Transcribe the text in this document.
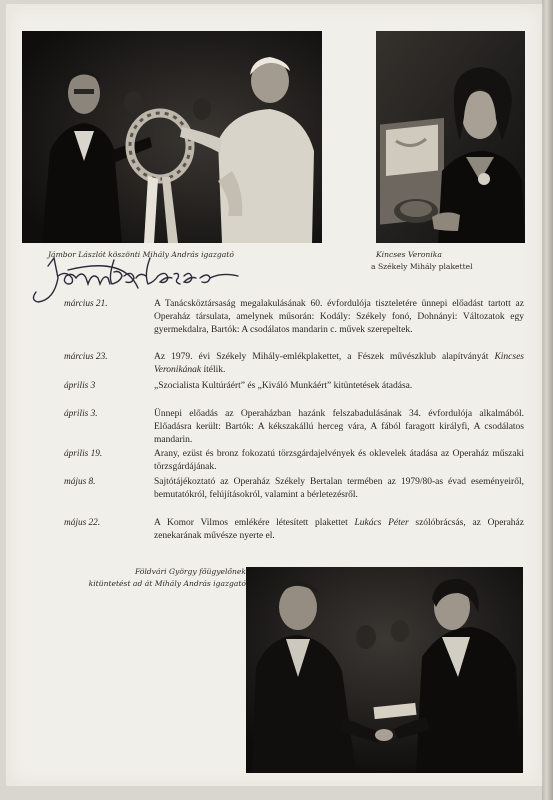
Jámbor Lászlót köszönti Mihály András igazgató	Kincses Veronika
a Székely Mihály plakettel
március 21.	A Tanácsköztársaság megalakulásának 60. évfordulója tiszteletére ünnepi előadást tartott az Operaház társulata, amelynek műsorán: Kodály: Székely fonó, Dohnányi: Változatok egy gyermekdalra, Bartók: A csodálatos mandarin c. művek szerepeltek.
március 23.	Az 1979. évi Székely Mihály-emlékplakettet, a Fészek művészklub alapítványát Kincses Veronikának ítélik.
április 3	„Szocialista Kultúráért” és „Kiváló Munkáért” kitüntetések átadása.
április 3.	Ünnepi előadás az Operaházban hazánk felszabadulásának 34. évfordulója alkalmából. Előadásra került: Bartók: A kékszakállú herceg vára, A fából faragott királyfi, A csodálatos mandarin.
április 19.	Arany, ezüst és bronz fokozatú törzsgárdajelvények és oklevelek átadása az Operaház műszaki törzsgárdájának.
május 8.	Sajtótájékoztató az Operaház Székely Bertalan termében az 1979/80-as évad eseményeiről, bemutatókról, felújításokról, valamint a bérletezésről.
május 22.	A Komor Vilmos emlékére létesített plakettet Lukács Péter szólóbrácsás, az Operaház zenekarának művésze nyerte el.
Földvári György főügyelőnek
kitüntetést ad át Mihály András igazgató
